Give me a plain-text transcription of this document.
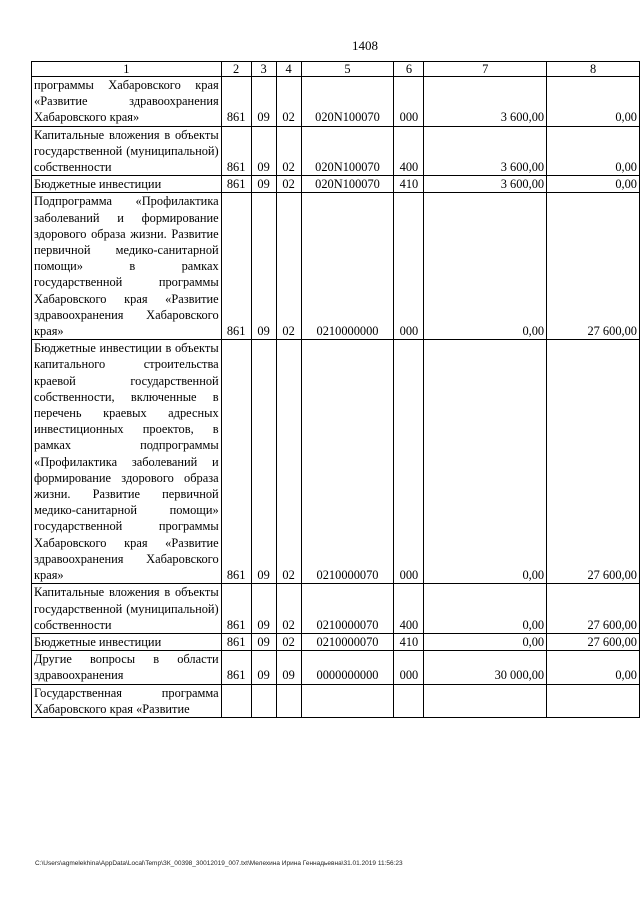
1408
1	2	3	4	5	6	7	8
программы Хабаровского края «Развитие здравоохранения Хабаровского края»	861	09	02	020N100070	000	3 600,00	0,00
Капитальные вложения в объекты государственной (муниципальной) собственности	861	09	02	020N100070	400	3 600,00	0,00
Бюджетные инвестиции	861	09	02	020N100070	410	3 600,00	0,00
Подпрограмма «Профилактика заболеваний и формирование здорового образа жизни. Развитие первичной медико-санитарной помощи» в рамках государственной программы Хабаровского края «Развитие здравоохранения Хабаровского края»	861	09	02	0210000000	000	0,00	27 600,00
Бюджетные инвестиции в объекты капитального строительства краевой государственной собственности, включенные в перечень краевых адресных инвестиционных проектов, в рамках подпрограммы «Профилактика заболеваний и формирование здорового образа жизни. Развитие первичной медико-санитарной помощи» государственной программы Хабаровского края «Развитие здравоохранения Хабаровского края»	861	09	02	0210000070	000	0,00	27 600,00
Капитальные вложения в объекты государственной (муниципальной) собственности	861	09	02	0210000070	400	0,00	27 600,00
Бюджетные инвестиции	861	09	02	0210000070	410	0,00	27 600,00
Другие вопросы в области здравоохранения	861	09	09	0000000000	000	30 000,00	0,00
Государственная программа Хабаровского края «Развитие							
C:\Users\agmelekhina\AppData\Local\Temp\ЗК_00398_30012019_007.txt\Мелехина Ирина Геннадьевна\31.01.2019 11:56:23
